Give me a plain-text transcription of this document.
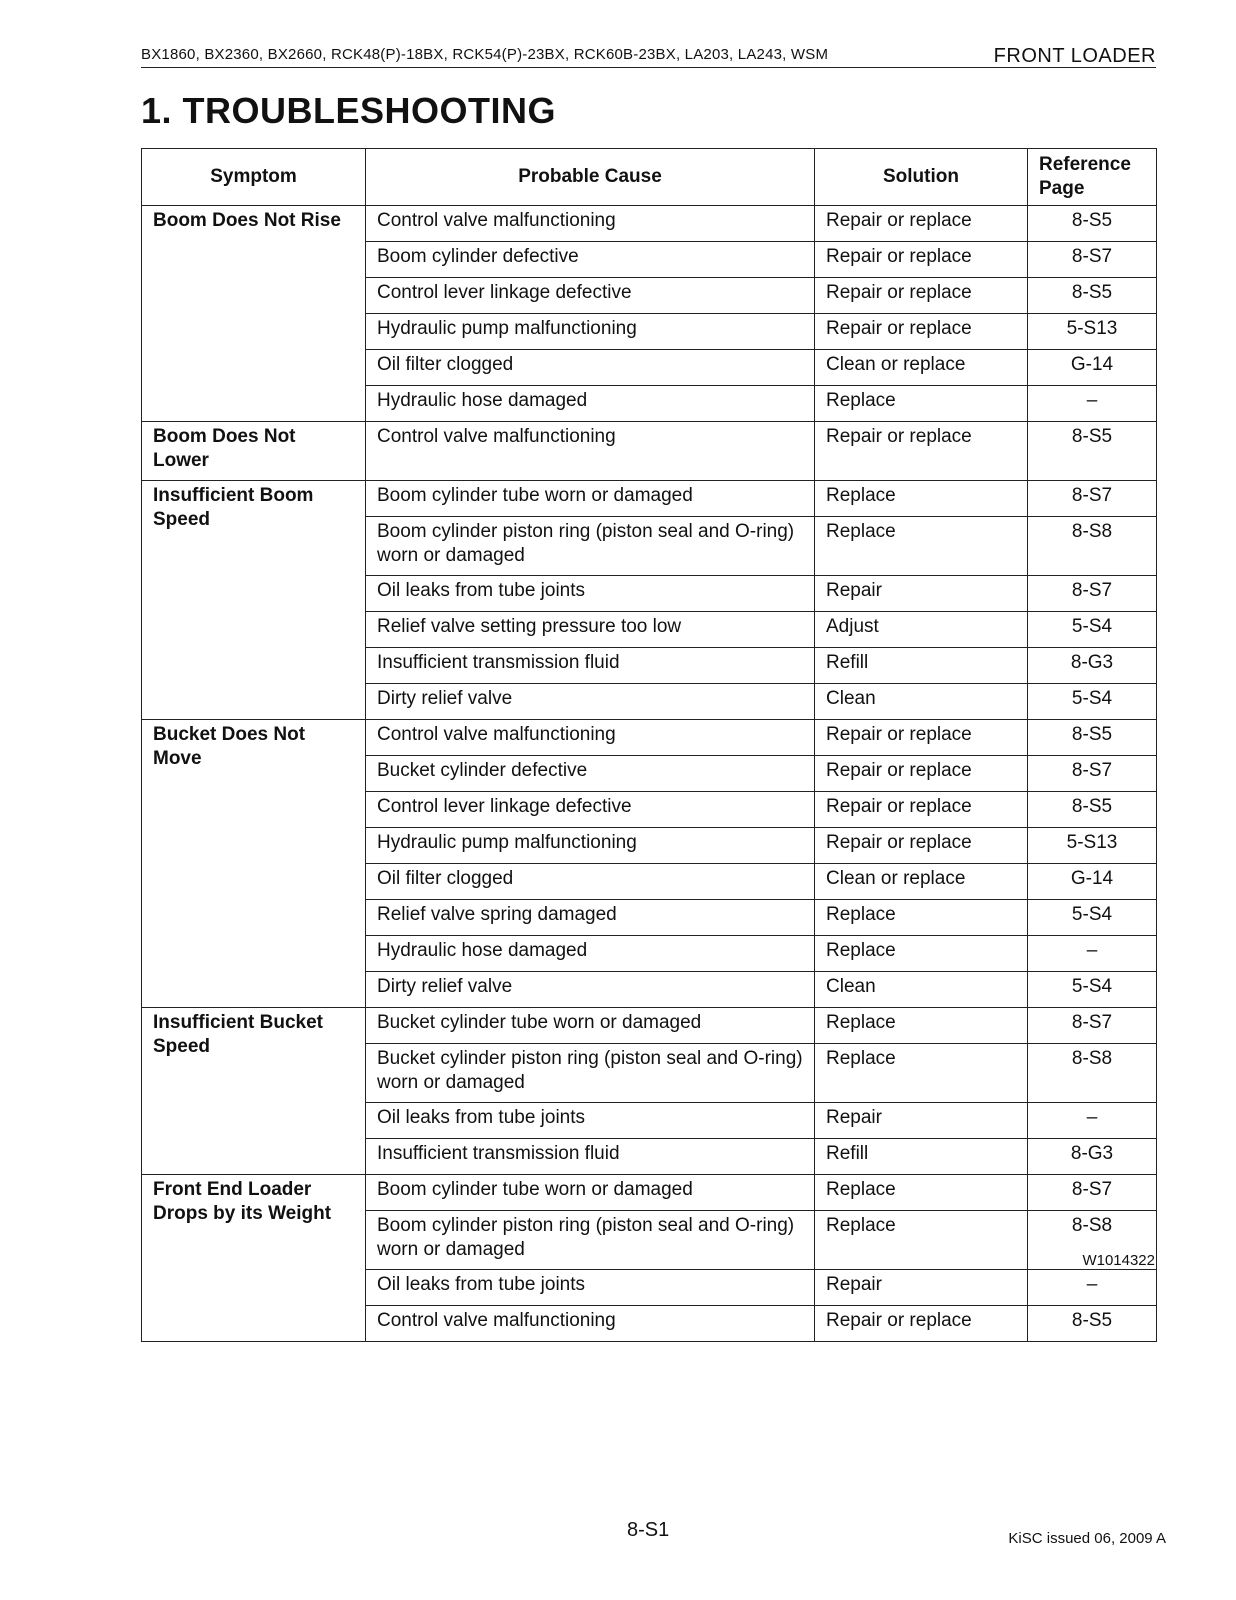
BX1860, BX2360, BX2660, RCK48(P)-18BX, RCK54(P)-23BX, RCK60B-23BX, LA203, LA243, WSM	FRONT LOADER
1. TROUBLESHOOTING
Symptom	Probable Cause	Solution	Reference Page
Boom Does Not Rise	Control valve malfunctioning	Repair or replace	8-S5
	Boom cylinder defective	Repair or replace	8-S7
	Control lever linkage defective	Repair or replace	8-S5
	Hydraulic pump malfunctioning	Repair or replace	5-S13
	Oil filter clogged	Clean or replace	G-14
	Hydraulic hose damaged	Replace	–
Boom Does Not Lower	Control valve malfunctioning	Repair or replace	8-S5
Insufficient Boom Speed	Boom cylinder tube worn or damaged	Replace	8-S7
	Boom cylinder piston ring (piston seal and O-ring) worn or damaged	Replace	8-S8
	Oil leaks from tube joints	Repair	8-S7
	Relief valve setting pressure too low	Adjust	5-S4
	Insufficient transmission fluid	Refill	8-G3
	Dirty relief valve	Clean	5-S4
Bucket Does Not Move	Control valve malfunctioning	Repair or replace	8-S5
	Bucket cylinder defective	Repair or replace	8-S7
	Control lever linkage defective	Repair or replace	8-S5
	Hydraulic pump malfunctioning	Repair or replace	5-S13
	Oil filter clogged	Clean or replace	G-14
	Relief valve spring damaged	Replace	5-S4
	Hydraulic hose damaged	Replace	–
	Dirty relief valve	Clean	5-S4
Insufficient Bucket Speed	Bucket cylinder tube worn or damaged	Replace	8-S7
	Bucket cylinder piston ring (piston seal and O-ring) worn or damaged	Replace	8-S8
	Oil leaks from tube joints	Repair	–
	Insufficient transmission fluid	Refill	8-G3
Front End Loader Drops by its Weight	Boom cylinder tube worn or damaged	Replace	8-S7
	Boom cylinder piston ring (piston seal and O-ring) worn or damaged	Replace	8-S8
	Oil leaks from tube joints	Repair	–
	Control valve malfunctioning	Repair or replace	8-S5
W1014322
8-S1	KiSC issued 06, 2009 A
